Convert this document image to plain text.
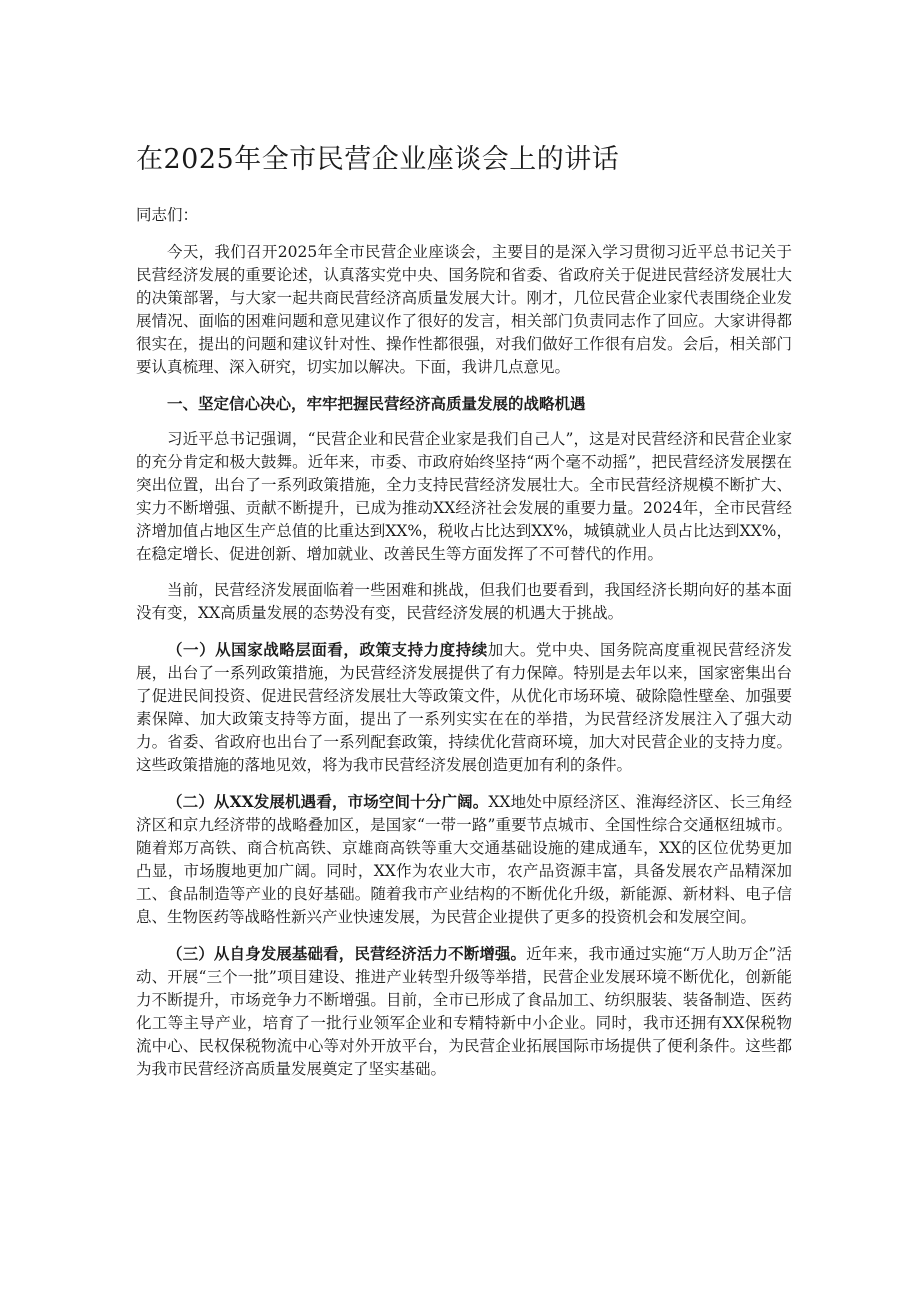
在2025年全市民营企业座谈会上的讲话

同志们：

今天，我们召开2025年全市民营企业座谈会，主要目的是深入学习贯彻习近平总书记关于民营经济发展的重要论述，认真落实党中央、国务院和省委、省政府关于促进民营经济发展壮大的决策部署，与大家一起共商民营经济高质量发展大计。刚才，几位民营企业家代表围绕企业发展情况、面临的困难问题和意见建议作了很好的发言，相关部门负责同志作了回应。大家讲得都很实在，提出的问题和建议针对性、操作性都很强，对我们做好工作很有启发。会后，相关部门要认真梳理、深入研究，切实加以解决。下面，我讲几点意见。

一、坚定信心决心，牢牢把握民营经济高质量发展的战略机遇

习近平总书记强调，“民营企业和民营企业家是我们自己人”，这是对民营经济和民营企业家的充分肯定和极大鼓舞。近年来，市委、市政府始终坚持“两个毫不动摇”，把民营经济发展摆在突出位置，出台了一系列政策措施，全力支持民营经济发展壮大。全市民营经济规模不断扩大、实力不断增强、贡献不断提升，已成为推动XX经济社会发展的重要力量。2024年，全市民营经济增加值占地区生产总值的比重达到XX%，税收占比达到XX%，城镇就业人员占比达到XX%，在稳定增长、促进创新、增加就业、改善民生等方面发挥了不可替代的作用。

当前，民营经济发展面临着一些困难和挑战，但我们也要看到，我国经济长期向好的基本面没有变，XX高质量发展的态势没有变，民营经济发展的机遇大于挑战。

（一）从国家战略层面看，政策支持力度持续加大。党中央、国务院高度重视民营经济发展，出台了一系列政策措施，为民营经济发展提供了有力保障。特别是去年以来，国家密集出台了促进民间投资、促进民营经济发展壮大等政策文件，从优化市场环境、破除隐性壁垒、加强要素保障、加大政策支持等方面，提出了一系列实实在在的举措，为民营经济发展注入了强大动力。省委、省政府也出台了一系列配套政策，持续优化营商环境，加大对民营企业的支持力度。这些政策措施的落地见效，将为我市民营经济发展创造更加有利的条件。

（二）从XX发展机遇看，市场空间十分广阔。XX地处中原经济区、淮海经济区、长三角经济区和京九经济带的战略叠加区，是国家“一带一路”重要节点城市、全国性综合交通枢纽城市。随着郑万高铁、商合杭高铁、京雄商高铁等重大交通基础设施的建成通车，XX的区位优势更加凸显，市场腹地更加广阔。同时，XX作为农业大市，农产品资源丰富，具备发展农产品精深加工、食品制造等产业的良好基础。随着我市产业结构的不断优化升级，新能源、新材料、电子信息、生物医药等战略性新兴产业快速发展，为民营企业提供了更多的投资机会和发展空间。

（三）从自身发展基础看，民营经济活力不断增强。近年来，我市通过实施“万人助万企”活动、开展“三个一批”项目建设、推进产业转型升级等举措，民营企业发展环境不断优化，创新能力不断提升，市场竞争力不断增强。目前，全市已形成了食品加工、纺织服装、装备制造、医药化工等主导产业，培育了一批行业领军企业和专精特新中小企业。同时，我市还拥有XX保税物流中心、民权保税物流中心等对外开放平台，为民营企业拓展国际市场提供了便利条件。这些都为我市民营经济高质量发展奠定了坚实基础。
